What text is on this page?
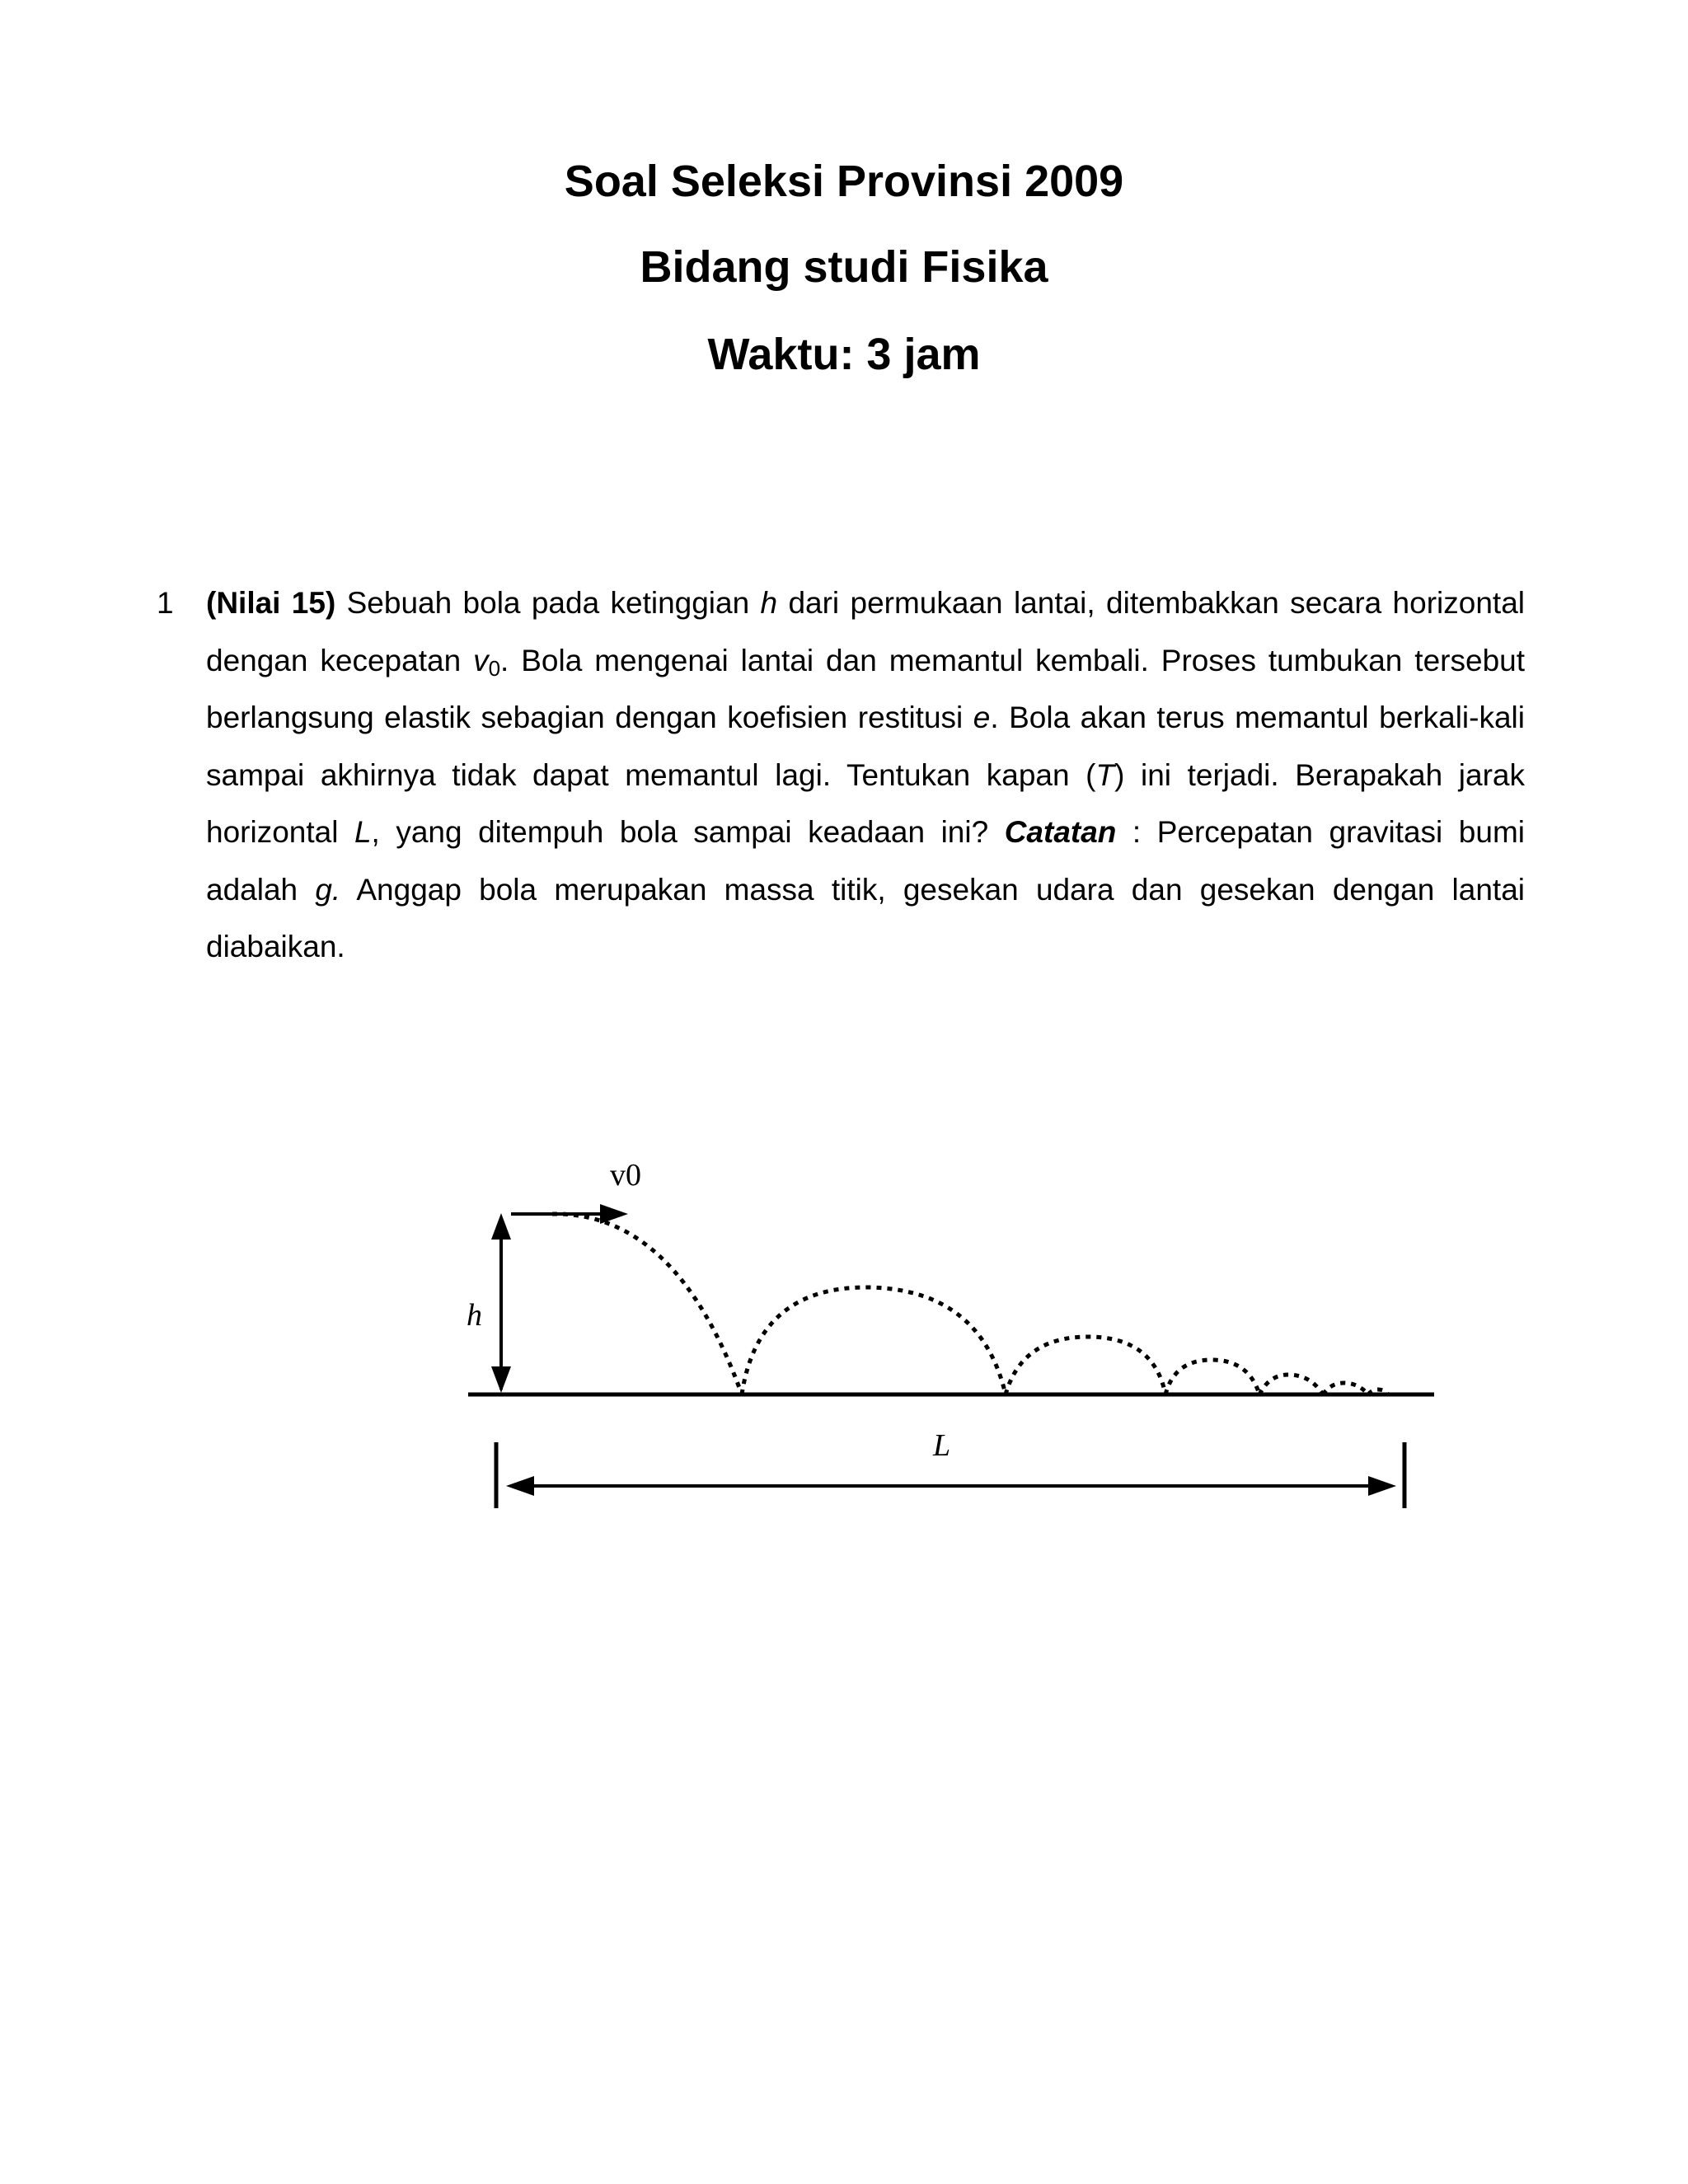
Soal Seleksi Provinsi 2009
Bidang studi Fisika
Waktu: 3 jam
1 (Nilai 15) Sebuah bola pada ketinggian h dari permukaan lantai, ditembakkan secara horizontal dengan kecepatan $v_0$. Bola mengenai lantai dan memantul kembali. Proses tumbukan tersebut berlangsung elastik sebagian dengan koefisien restitusi e. Bola akan terus memantul berkali-kali sampai akhirnya tidak dapat memantul lagi. Tentukan kapan (T) ini terjadi. Berapakah jarak horizontal L, yang ditempuh bola sampai keadaan ini? Catatan : Percepatan gravitasi bumi adalah g. Anggap bola merupakan massa titik, gesekan udara dan gesekan dengan lantai diabaikan.

h
v0
L
